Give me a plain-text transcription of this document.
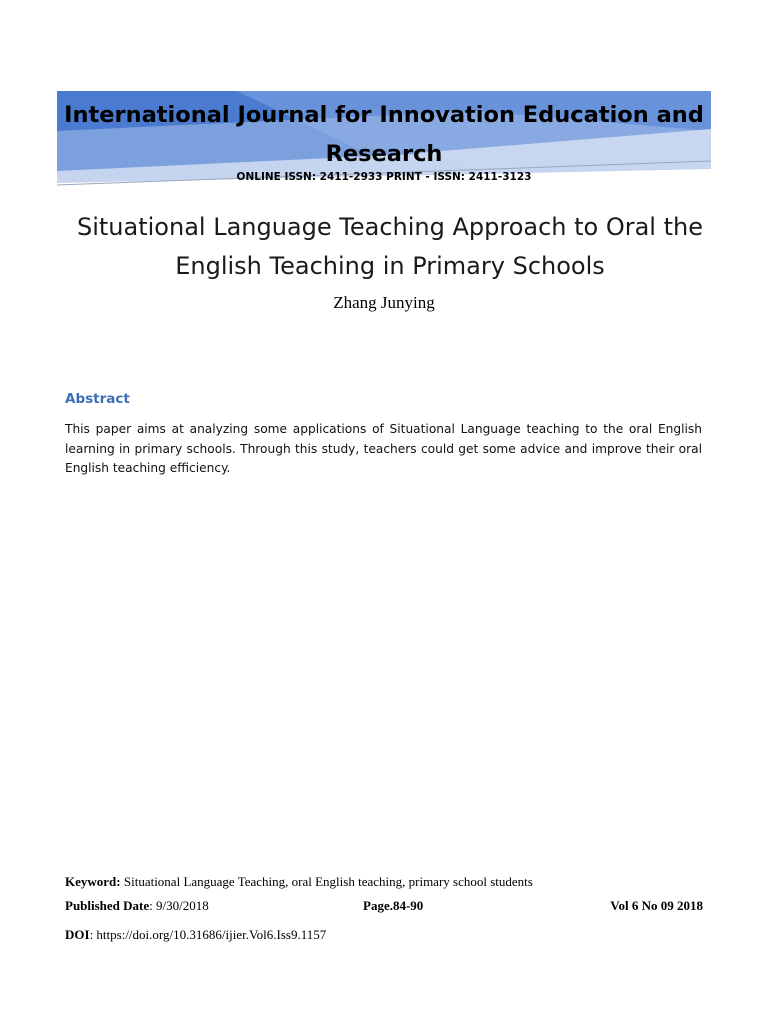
International Journal for Innovation Education and Research
ONLINE ISSN: 2411-2933 PRINT - ISSN: 2411-3123
Situational Language Teaching Approach to Oral the English Teaching in Primary Schools
Zhang Junying
Abstract
This paper aims at analyzing some applications of Situational Language teaching to the oral English learning in primary schools. Through this study, teachers could get some advice and improve their oral English teaching efficiency.
Keyword: Situational Language Teaching, oral English teaching, primary school students
Published Date: 9/30/2018	Page.84-90	Vol 6 No 09 2018
DOI: https://doi.org/10.31686/ijier.Vol6.Iss9.1157
